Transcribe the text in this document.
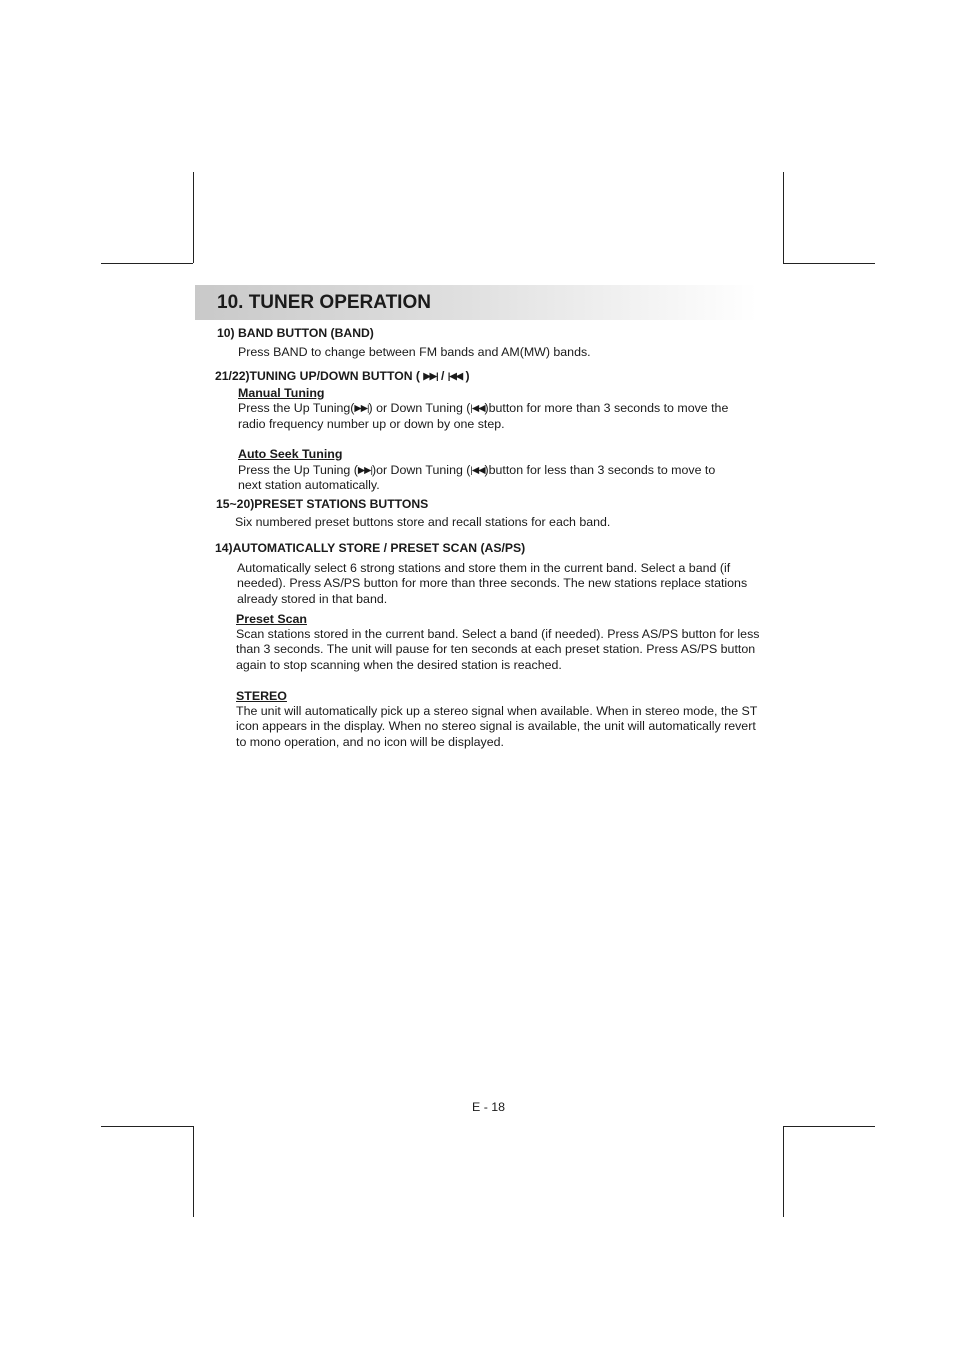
10. TUNER OPERATION
10) BAND BUTTON (BAND)
Press BAND to change between FM bands and AM(MW) bands.
21/22)TUNING UP/DOWN BUTTON ( ▶▶| / |◀◀ )
Manual Tuning
Press the Up Tuning(▶▶|) or Down Tuning (|◀◀)button for more than 3 seconds to move the
radio frequency number up or down by one step.
Auto Seek Tuning
Press the Up Tuning (▶▶|)or Down Tuning (|◀◀)button for less than 3 seconds to move to
next station automatically.
15~20)PRESET STATIONS BUTTONS
Six numbered preset buttons store and recall stations for each band.
14)AUTOMATICALLY STORE / PRESET SCAN (AS/PS)
Automatically select 6 strong stations and store them in the current band. Select a band (if
needed). Press AS/PS button for more than three seconds. The new stations replace stations
already stored in that band.
Preset Scan
Scan stations stored in the current band. Select a band (if needed). Press AS/PS button for less
than 3 seconds. The unit will pause for ten seconds at each preset station. Press AS/PS button
again to stop scanning when the desired station is reached.
STEREO
The unit will automatically pick up a stereo signal when available. When in stereo mode, the ST
icon appears in the display. When no stereo signal is available, the unit will automatically revert
to mono operation, and no icon will be displayed.
E - 18
